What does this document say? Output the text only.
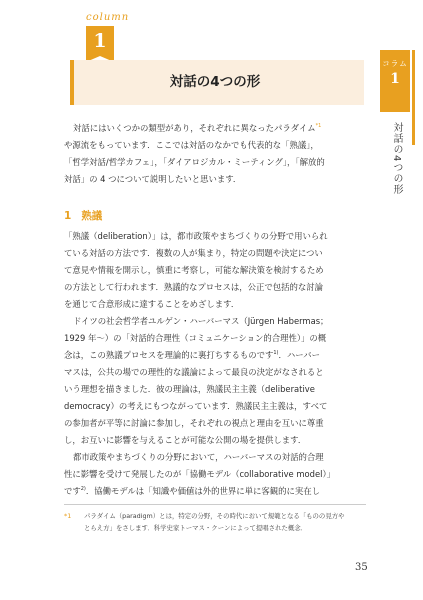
column
1
対話の4つの形
コラム
1
対話の4つの形
対話にはいくつかの類型があり，それぞれに異なったパラダイム$^{*1}$
や源流をもっています．ここでは対話のなかでも代表的な「熟議」，
「哲学対話/哲学カフェ」，「ダイアロジカル・ミーティング」，「解放的
対話」の 4 つについて説明したいと思います．
1 熟議
「熟議（deliberation）」は，都市政策やまちづくりの分野で用いられ
ている対話の方法です．複数の人が集まり，特定の問題や決定につい
て意見や情報を開示し，慎重に考察し，可能な解決策を検討するため
の方法として行われます．熟議的なプロセスは，公正で包括的な討論
を通じて合意形成に達することをめざします．
ドイツの社会哲学者ユルゲン・ハーバーマス（Jürgen Habermas；
1929 年～）の「対話的合理性（コミュニケーション的合理性）」の概
念は，この熟議プロセスを理論的に裏打ちするものです$^{1)}$．ハーバー
マスは，公共の場での理性的な議論によって最良の決定がなされると
いう理想を描きました．彼の理論は，熟議民主主義（deliberative
democracy）の考えにもつながっています．熟議民主主義は，すべて
の参加者が平等に討論に参加し，それぞれの視点と理由を互いに尊重
し，お互いに影響を与えることが可能な公開の場を提供します．
都市政策やまちづくりの分野において，ハーバーマスの対話的合理
性に影響を受けて発展したのが「協働モデル（collaborative model）」
です$^{2)}$．協働モデルは「知識や価値は外的世界に単に客観的に実在し
*1 パラダイム（paradigm）とは，特定の分野，その時代において規範となる「ものの見方や
とらえ方」をさします．科学史家トーマス・クーンによって提唱された概念．
35
